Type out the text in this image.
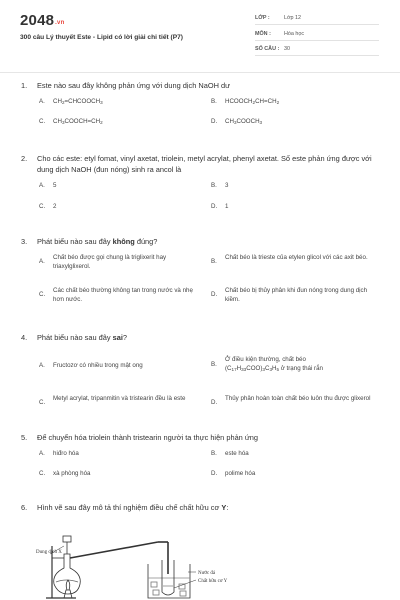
2048.vn
300 câu Lý thuyết Este - Lipid có lời giải chi tiết (P7)
LỚP :	Lớp 12
MÔN : Hóa học
SỐ CÂU : 30
1. Este nào sau đây không phản ứng với dung dịch NaOH dư
A. $CH_2=CHCOOCH_3$	B. $HCOOCH_2CH=CH_2$
C. $CH_3COOCH=CH_2$	D. $CH_3COOCH_3$
2. Cho các este: etyl fomat, vinyl axetat, triolein, metyl acrylat, phenyl axetat. Số este phản ứng được với dung dịch NaOH (đun nóng) sinh ra ancol là
A. 5	B. 3
C. 2	D. 1
3. Phát biểu nào sau đây không đúng?
A.
Chất béo được gọi chung là triglixerit hay triaxylglixerol.
B.
Chất béo là trieste của etylen glicol với các axit béo.
C.
Các chất béo thường không tan trong nước và nhẹ hơn nước.
D.
Chất béo bị thủy phân khi đun nóng trong dung dịch kiềm.
4. Phát biểu nào sau đây sai?
A. Fructozơ có nhiều trong mật ong	B.
Ở điều kiện thường, chất béo
$(C_{17}H_{33}COO)_3C_3H_5$ ở trạng thái rắn
C.
Metyl acrylat, tripanmitin và tristearin đều là este
D.
Thủy phân hoàn toàn chất béo luôn thu được glixerol
5. Để chuyển hóa triolein thành tristearin người ta thực hiện phản ứng
A. hiđro hóa	B. este hóa
C. xà phòng hóa	D. polime hóa
6. Hình vẽ sau đây mô tả thí nghiệm điều chế chất hữu cơ Y:
Dung dịch X
Nước đá
Chất hữu cơ Y
